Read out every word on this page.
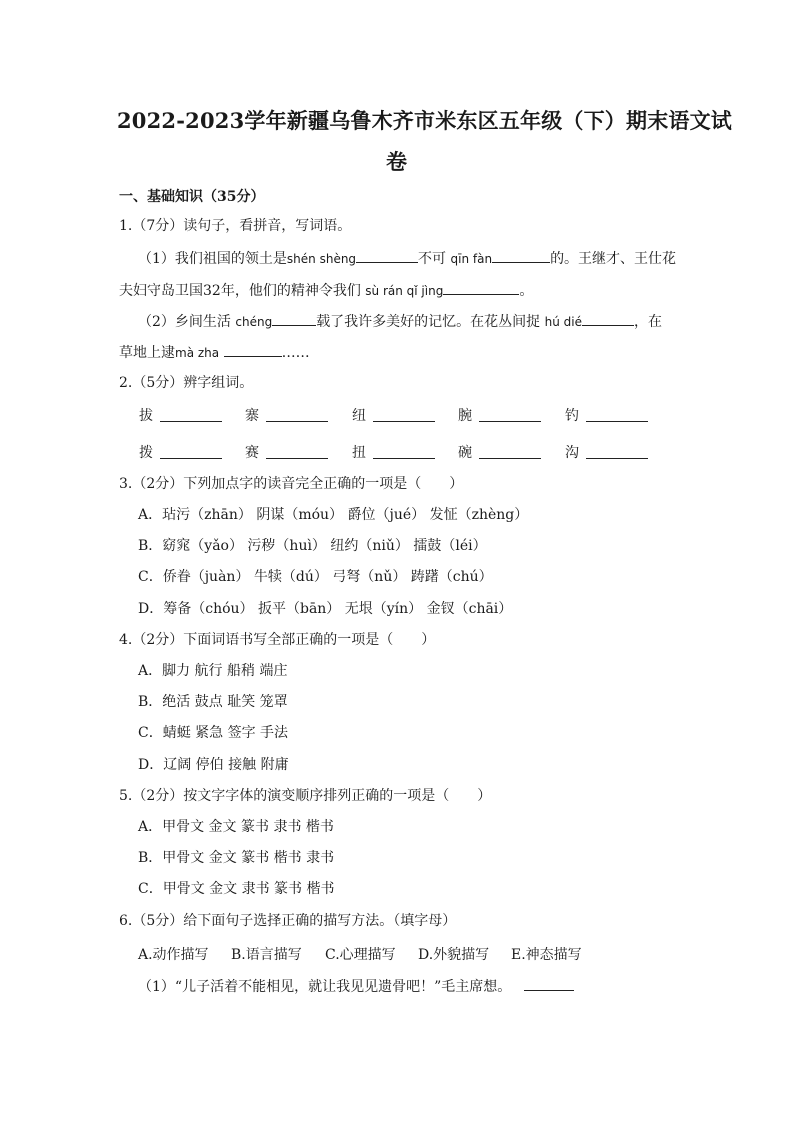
2022-2023学年新疆乌鲁木齐市米东区五年级（下）期末语文试
卷
一、基础知识（35分）
1.（7分）读句子，看拼音，写词语。
（1）我们祖国的领土是shén shèng	不可 qīn fàn	的。王继才、王仕花
夫妇守岛卫国32年，他们的精神令我们 sù rán qǐ jìng	。
（2）乡间生活 chéng	载了我许多美好的记忆。在花丛间捉 hú dié	，在
草地上逮mà zha	……
2.（5分）辨字组词。
拔	寨	纽	腕	钓
拨	赛	扭	碗	沟
3.（2分）下列加点字的读音完全正确的一项是（　　）
A．玷污（zhān） 阴谋（móu） 爵位（jué） 发怔（zhèng）
B．窈窕（yǎo） 污秽（huì） 纽约（niǔ） 擂鼓（léi）
C．侨眷（juàn） 牛犊（dú） 弓弩（nǔ） 踌躇（chú）
D．筹备（chóu） 扳平（bān） 无垠（yín） 金钗（chāi）
4.（2分）下面词语书写全部正确的一项是（　　）
A．脚力 航行 船稍 端庄
B．绝活 鼓点 耻笑 笼罩
C．蜻蜓 紧急 签字 手法
D．辽阔 停伯 接触 附庸
5.（2分）按文字字体的演变顺序排列正确的一项是（　　）
A．甲骨文 金文 篆书 隶书 楷书
B．甲骨文 金文 篆书 楷书 隶书
C．甲骨文 金文 隶书 篆书 楷书
6.（5分）给下面句子选择正确的描写方法。（填字母）
A.动作描写 B.语言描写 C.心理描写 D.外貌描写 E.神态描写
（1）“儿子活着不能相见，就让我见见遗骨吧！”毛主席想。
